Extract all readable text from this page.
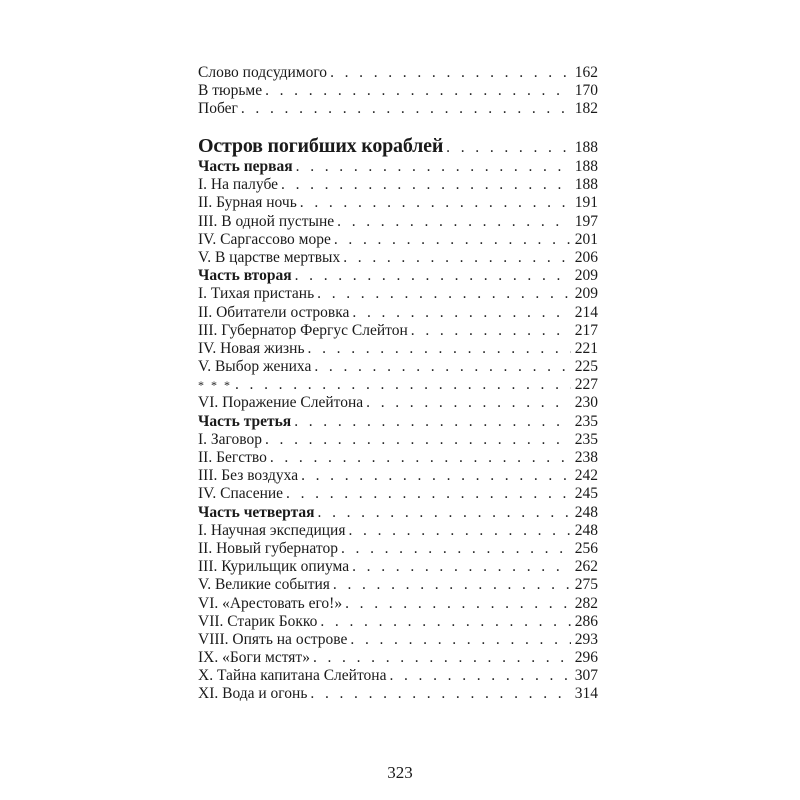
Слово подсудимого . . .	162
В тюрьме . . .	170
Побег . . .	182
Остров погибших кораблей . . .	188
Часть первая . . .	188
I. На палубе . . .	188
II. Бурная ночь . . .	191
III. В одной пустыне . . .	197
IV. Саргассово море . . .	201
V. В царстве мертвых . . .	206
Часть вторая . . .	209
I. Тихая пристань . . .	209
II. Обитатели островка . . .	214
III. Губернатор Фергус Слейтон . . .	217
IV. Новая жизнь . . .	221
V. Выбор жениха . . .	225
* * * . . .	227
VI. Поражение Слейтона . . .	230
Часть третья . . .	235
I. Заговор . . .	235
II. Бегство . . .	238
III. Без воздуха . . .	242
IV. Спасение . . .	245
Часть четвертая . . .	248
I. Научная экспедиция . . .	248
II. Новый губернатор . . .	256
III. Курильщик опиума . . .	262
V. Великие события . . .	275
VI. «Арестовать его!» . . .	282
VII. Старик Бокко . . .	286
VIII. Опять на острове . . .	293
IX. «Боги мстят» . . .	296
X. Тайна капитана Слейтона . . .	307
XI. Вода и огонь . . .	314
323
